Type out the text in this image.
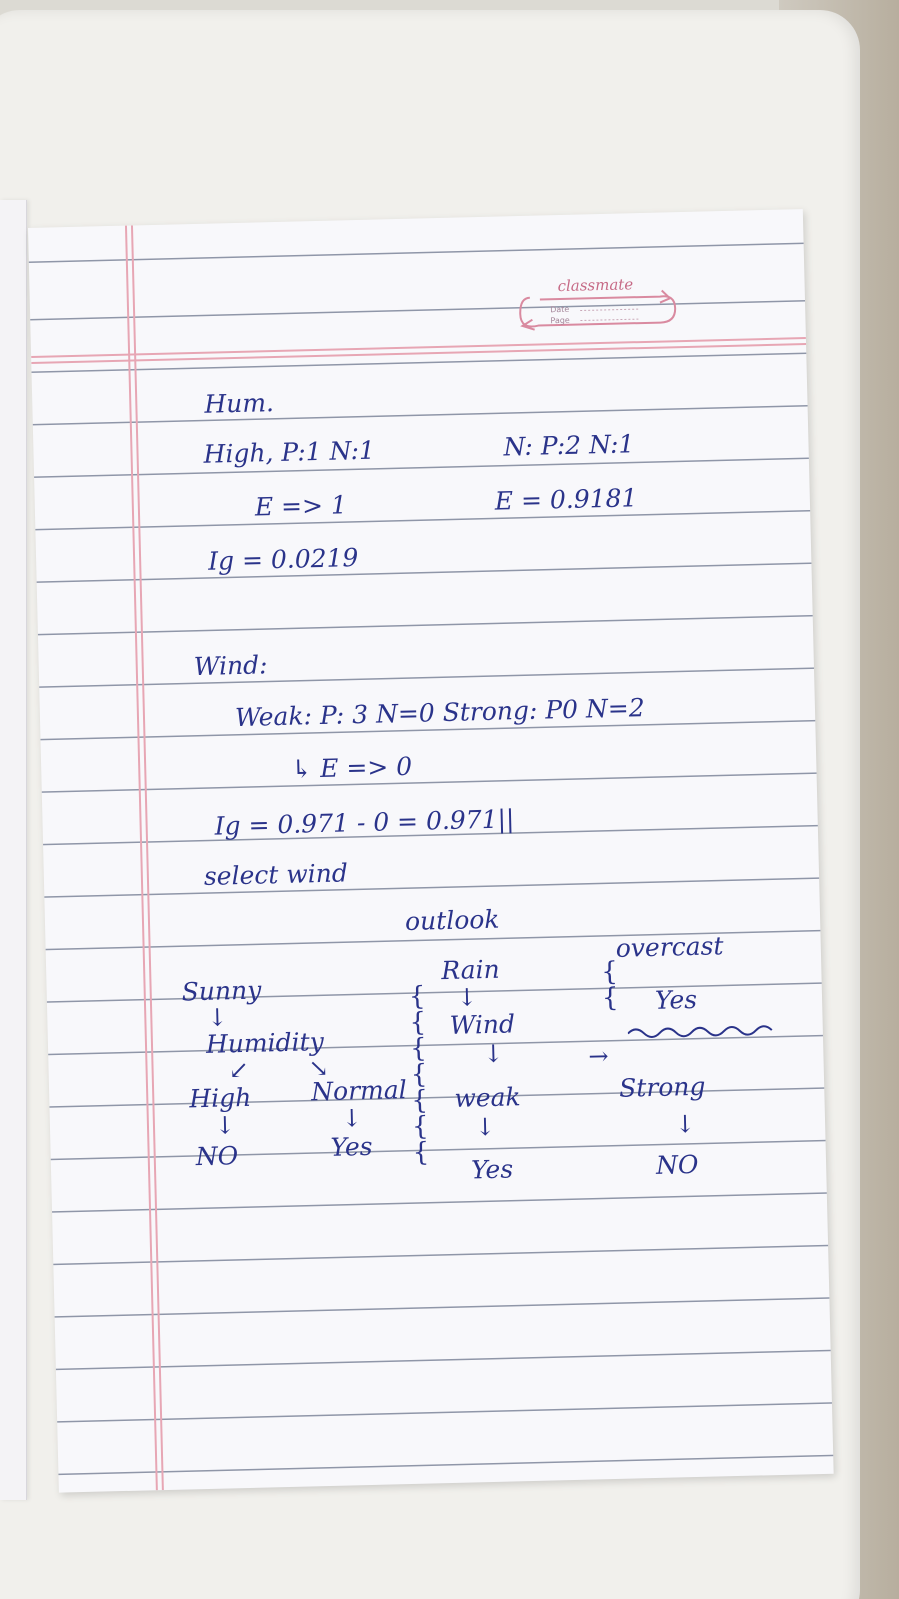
classmate
Date
Page
Hum.
High, P:1 N:1	N: P:2 N:1
E => 1	E = 0.9181
Ig = 0.0219
Wind:
Weak: P: 3 N=0 Strong: P0 N=2
↳ E => 0
Ig = 0.971 - 0 = 0.971||
select wind
outlook
Sunny
↓
Humidity
↙ ↘
High Normal
↓	↓
NO	Yes
{
{
{
{
{
{
{
Rain
↓
Wind
↓
weak
↓
Yes
{
{
overcast
Yes
→
Strong
↓
NO
